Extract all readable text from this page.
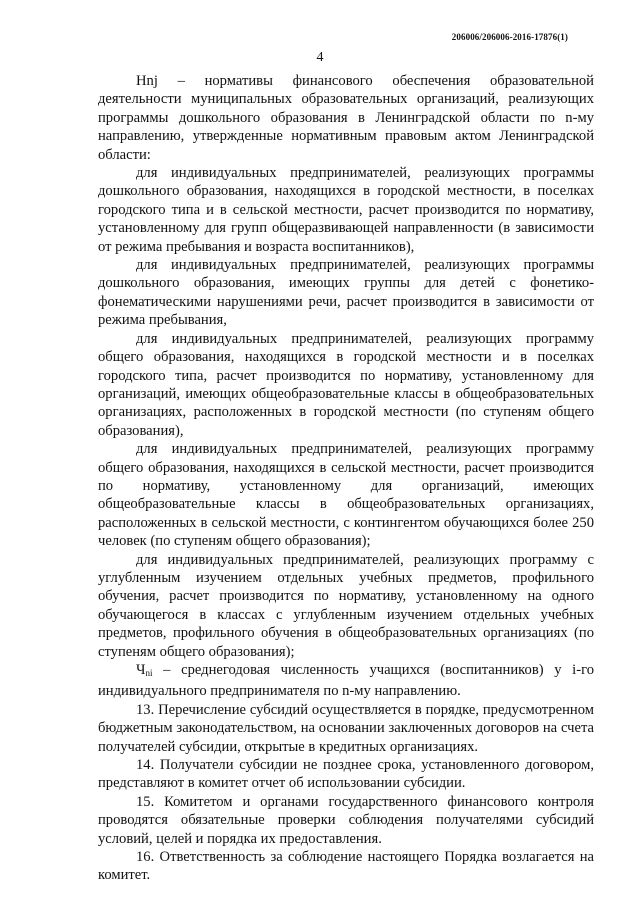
206006/206006-2016-17876(1)
4

Hnj – нормативы финансового обеспечения образовательной деятельности муниципальных образовательных организаций, реализующих программы дошкольного образования в Ленинградской области по n-му направлению, утвержденные нормативным правовым актом Ленинградской области:

для индивидуальных предпринимателей, реализующих программы дошкольного образования, находящихся в городской местности, в поселках городского типа и в сельской местности, расчет производится по нормативу, установленному для групп общеразвивающей направленности (в зависимости от режима пребывания и возраста воспитанников),

для индивидуальных предпринимателей, реализующих программы дошкольного образования, имеющих группы для детей с фонетико-фонематическими нарушениями речи, расчет производится в зависимости от режима пребывания,

для индивидуальных предпринимателей, реализующих программу общего образования, находящихся в городской местности и в поселках городского типа, расчет производится по нормативу, установленному для организаций, имеющих общеобразовательные классы в общеобразовательных организациях, расположенных в городской местности (по ступеням общего образования),

для индивидуальных предпринимателей, реализующих программу общего образования, находящихся в сельской местности, расчет производится по нормативу, установленному для организаций, имеющих общеобразовательные классы в общеобразовательных организациях, расположенных в сельской местности, с контингентом обучающихся более 250 человек (по ступеням общего образования);

для индивидуальных предпринимателей, реализующих программу с углубленным изучением отдельных учебных предметов, профильного обучения, расчет производится по нормативу, установленному на одного обучающегося в классах с углубленным изучением отдельных учебных предметов, профильного обучения в общеобразовательных организациях (по ступеням общего образования);

$Ч_{ni}$ – среднегодовая численность учащихся (воспитанников) у i-го индивидуального предпринимателя по n-му направлению.

13. Перечисление субсидий осуществляется в порядке, предусмотренном бюджетным законодательством, на основании заключенных договоров на счета получателей субсидии, открытые в кредитных организациях.

14. Получатели субсидии не позднее срока, установленного договором, представляют в комитет отчет об использовании субсидии.

15. Комитетом и органами государственного финансового контроля проводятся обязательные проверки соблюдения получателями субсидий условий, целей и порядка их предоставления.

16. Ответственность за соблюдение настоящего Порядка возлагается на комитет.
